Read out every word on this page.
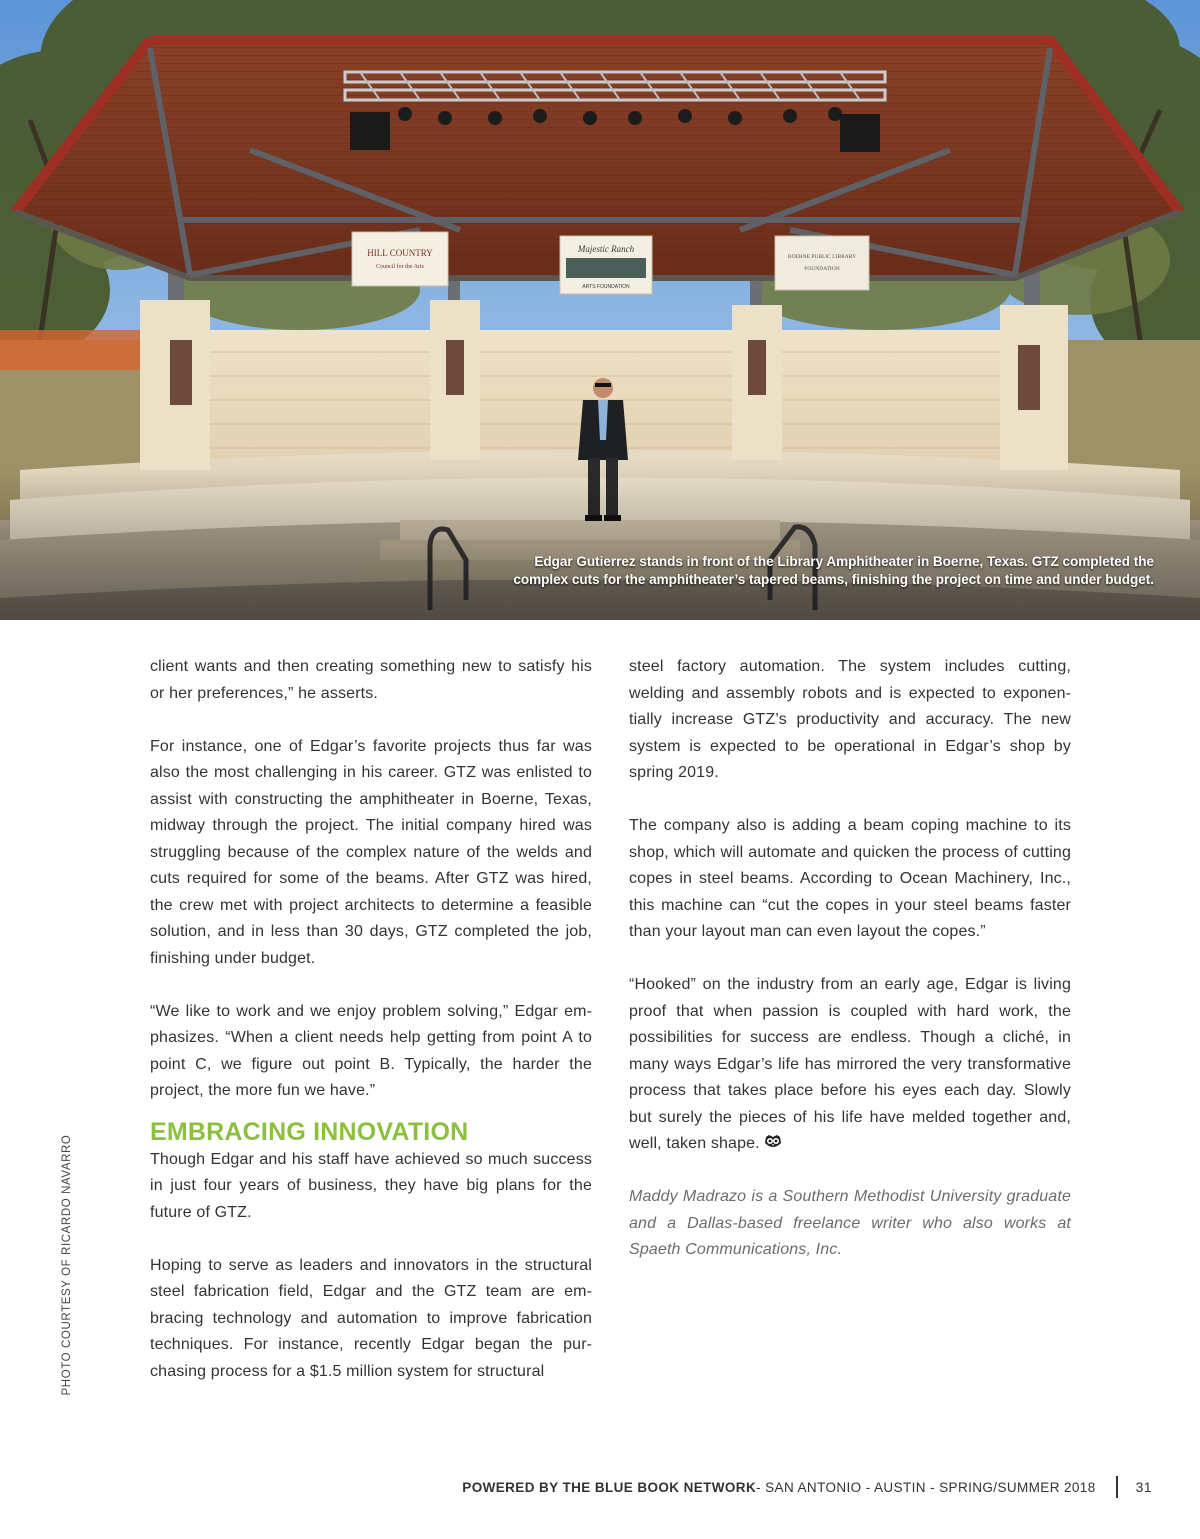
HILL COUNTRY
Council for the Arts
Majestic Ranch
ARTS FOUNDATION
BOERNE PUBLIC LIBRARY
FOUNDATION
Edgar Gutierrez stands in front of the Library Amphitheater in Boerne, Texas. GTZ completed the
complex cuts for the amphitheater’s tapered beams, finishing the project on time and under budget.

client wants and then creating something new to satisfy his or her preferences,” he asserts.

For instance, one of Edgar’s favorite projects thus far was also the most challenging in his career. GTZ was enlisted to assist with constructing the amphitheater in Boerne, Texas, midway through the project. The initial company hired was struggling because of the complex nature of the welds and cuts required for some of the beams. After GTZ was hired, the crew met with project architects to determine a feasible solution, and in less than 30 days, GTZ completed the job, finishing under budget.

“We like to work and we enjoy problem solving,” Edgar emphasizes. “When a client needs help getting from point A to point C, we figure out point B. Typically, the harder the project, the more fun we have.”

EMBRACING INNOVATION

Though Edgar and his staff have achieved so much success in just four years of business, they have big plans for the future of GTZ.

Hoping to serve as leaders and innovators in the structural steel fabrication field, Edgar and the GTZ team are embracing technology and automation to improve fabrication techniques. For instance, recently Edgar began the purchasing process for a $1.5 million system for structural

steel factory automation. The system includes cutting, welding and assembly robots and is expected to exponentially increase GTZ’s productivity and accuracy. The new system is expected to be operational in Edgar’s shop by spring 2019.

The company also is adding a beam coping machine to its shop, which will automate and quicken the process of cutting copes in steel beams. According to Ocean Machinery, Inc., this machine can “cut the copes in your steel beams faster than your layout man can even layout the copes.”

“Hooked” on the industry from an early age, Edgar is living proof that when passion is coupled with hard work, the possibilities for success are endless. Though a cliché, in many ways Edgar’s life has mirrored the very transformative process that takes place before his eyes each day. Slowly but surely the pieces of his life have melded together and, well, taken shape.

Maddy Madrazo is a Southern Methodist University graduate and a Dallas-based freelance writer who also works at Spaeth Communications, Inc.

PHOTO COURTESY OF RICARDO NAVARRO
POWERED BY THE BLUE BOOK NETWORK - SAN ANTONIO - AUSTIN - SPRING/SUMMER 2018	31
